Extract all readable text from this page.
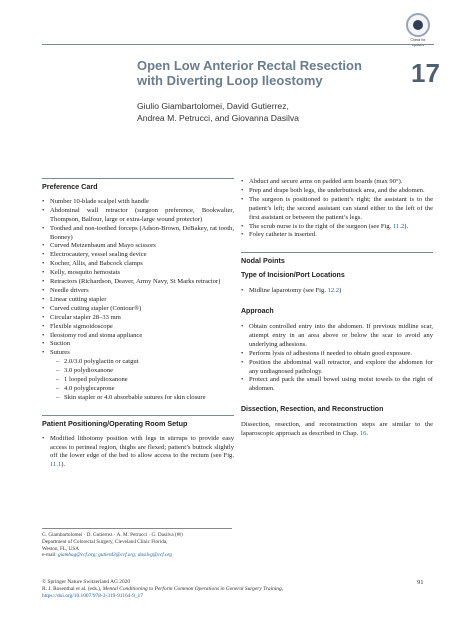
Check for
updates
Open Low Anterior Rectal Resection
with Diverting Loop Ileostomy	17
Giulio Giambartolomei, David Gutierrez,
Andrea M. Petrucci, and Giovanna Dasilva
Preference Card
• Number 10-blade scalpel with handle
• Abdominal wall retractor (surgeon preference, Bookwalter, Thompson, Balfour, large or extra-large wound protector)
• Toothed and non-toothed forceps (Adson-Brown, DeBakey, rat tooth, Bonney)
• Curved Metzenbaum and Mayo scissors
• Electrocautery, vessel sealing device
• Kocher, Allis, and Babcock clamps
• Kelly, mosquito hemostats
• Retractors (Richardson, Deaver, Army Navy, St Marks retractor)
• Needle drivers
• Linear cutting stapler
• Curved cutting stapler (Contour®)
• Circular stapler 28–33 mm
• Flexible sigmoidoscope
• Ileostomy rod and stoma appliance
• Suction
• Sutures
– 2.0/3.0 polyglactin or catgut
– 3.0 polydioxanone
– 1 looped polydioxanone
– 4.0 polyglecaprone
– Skin stapler or 4.0 absorbable sutures for skin closure
Patient Positioning/Operating Room Setup
• Modified lithotomy position with legs in stirrups to provide easy access to perineal region, thighs are flexed; patient’s buttock slightly off the lower edge of the bed to allow access to the rectum (see Fig. 11.1).
• Abduct and secure arms on padded arm boards (max 90°).
• Prep and drape both legs, the underbuttock area, and the abdomen.
• The surgeon is positioned to patient’s right; the assistant is to the patient’s left; the second assistant can stand either to the left of the first assistant or between the patient’s legs.
• The scrub nurse is to the right of the surgeon (see Fig. 11.2).
• Foley catheter is inserted.
Nodal Points
Type of Incision/Port Locations
• Midline laparotomy (see Fig. 12.2)
Approach
• Obtain controlled entry into the abdomen. If previous midline scar, attempt entry in an area above or below the scar to avoid any underlying adhesions.
• Perform lysis of adhesions if needed to obtain good exposure.
• Position the abdominal wall retractor, and explore the abdomen for any undiagnosed pathology.
• Protect and pack the small bowel using moist towels to the right of abdomen.
Dissection, Resection, and Reconstruction

Dissection, resection, and reconstruction steps are similar to the laparoscopic approach as described in Chap. 16.

G. Giambartolomei · D. Gutierrez · A. M. Petrucci · G. Dasilva (✉)
Department of Colorectal Surgery, Cleveland Clinic Florida,
Weston, FL, USA
e-mail: giambag@ccf.org; gutierd3@ccf.org; dasilvg@ccf.org
© Springer Nature Switzerland AG 2020
R. J. Rosenthal et al. (eds.), Mental Conditioning to Perform Common Operations in General Surgery Training,
https://doi.org/10.1007/978-3-319-91164-9_17
91
